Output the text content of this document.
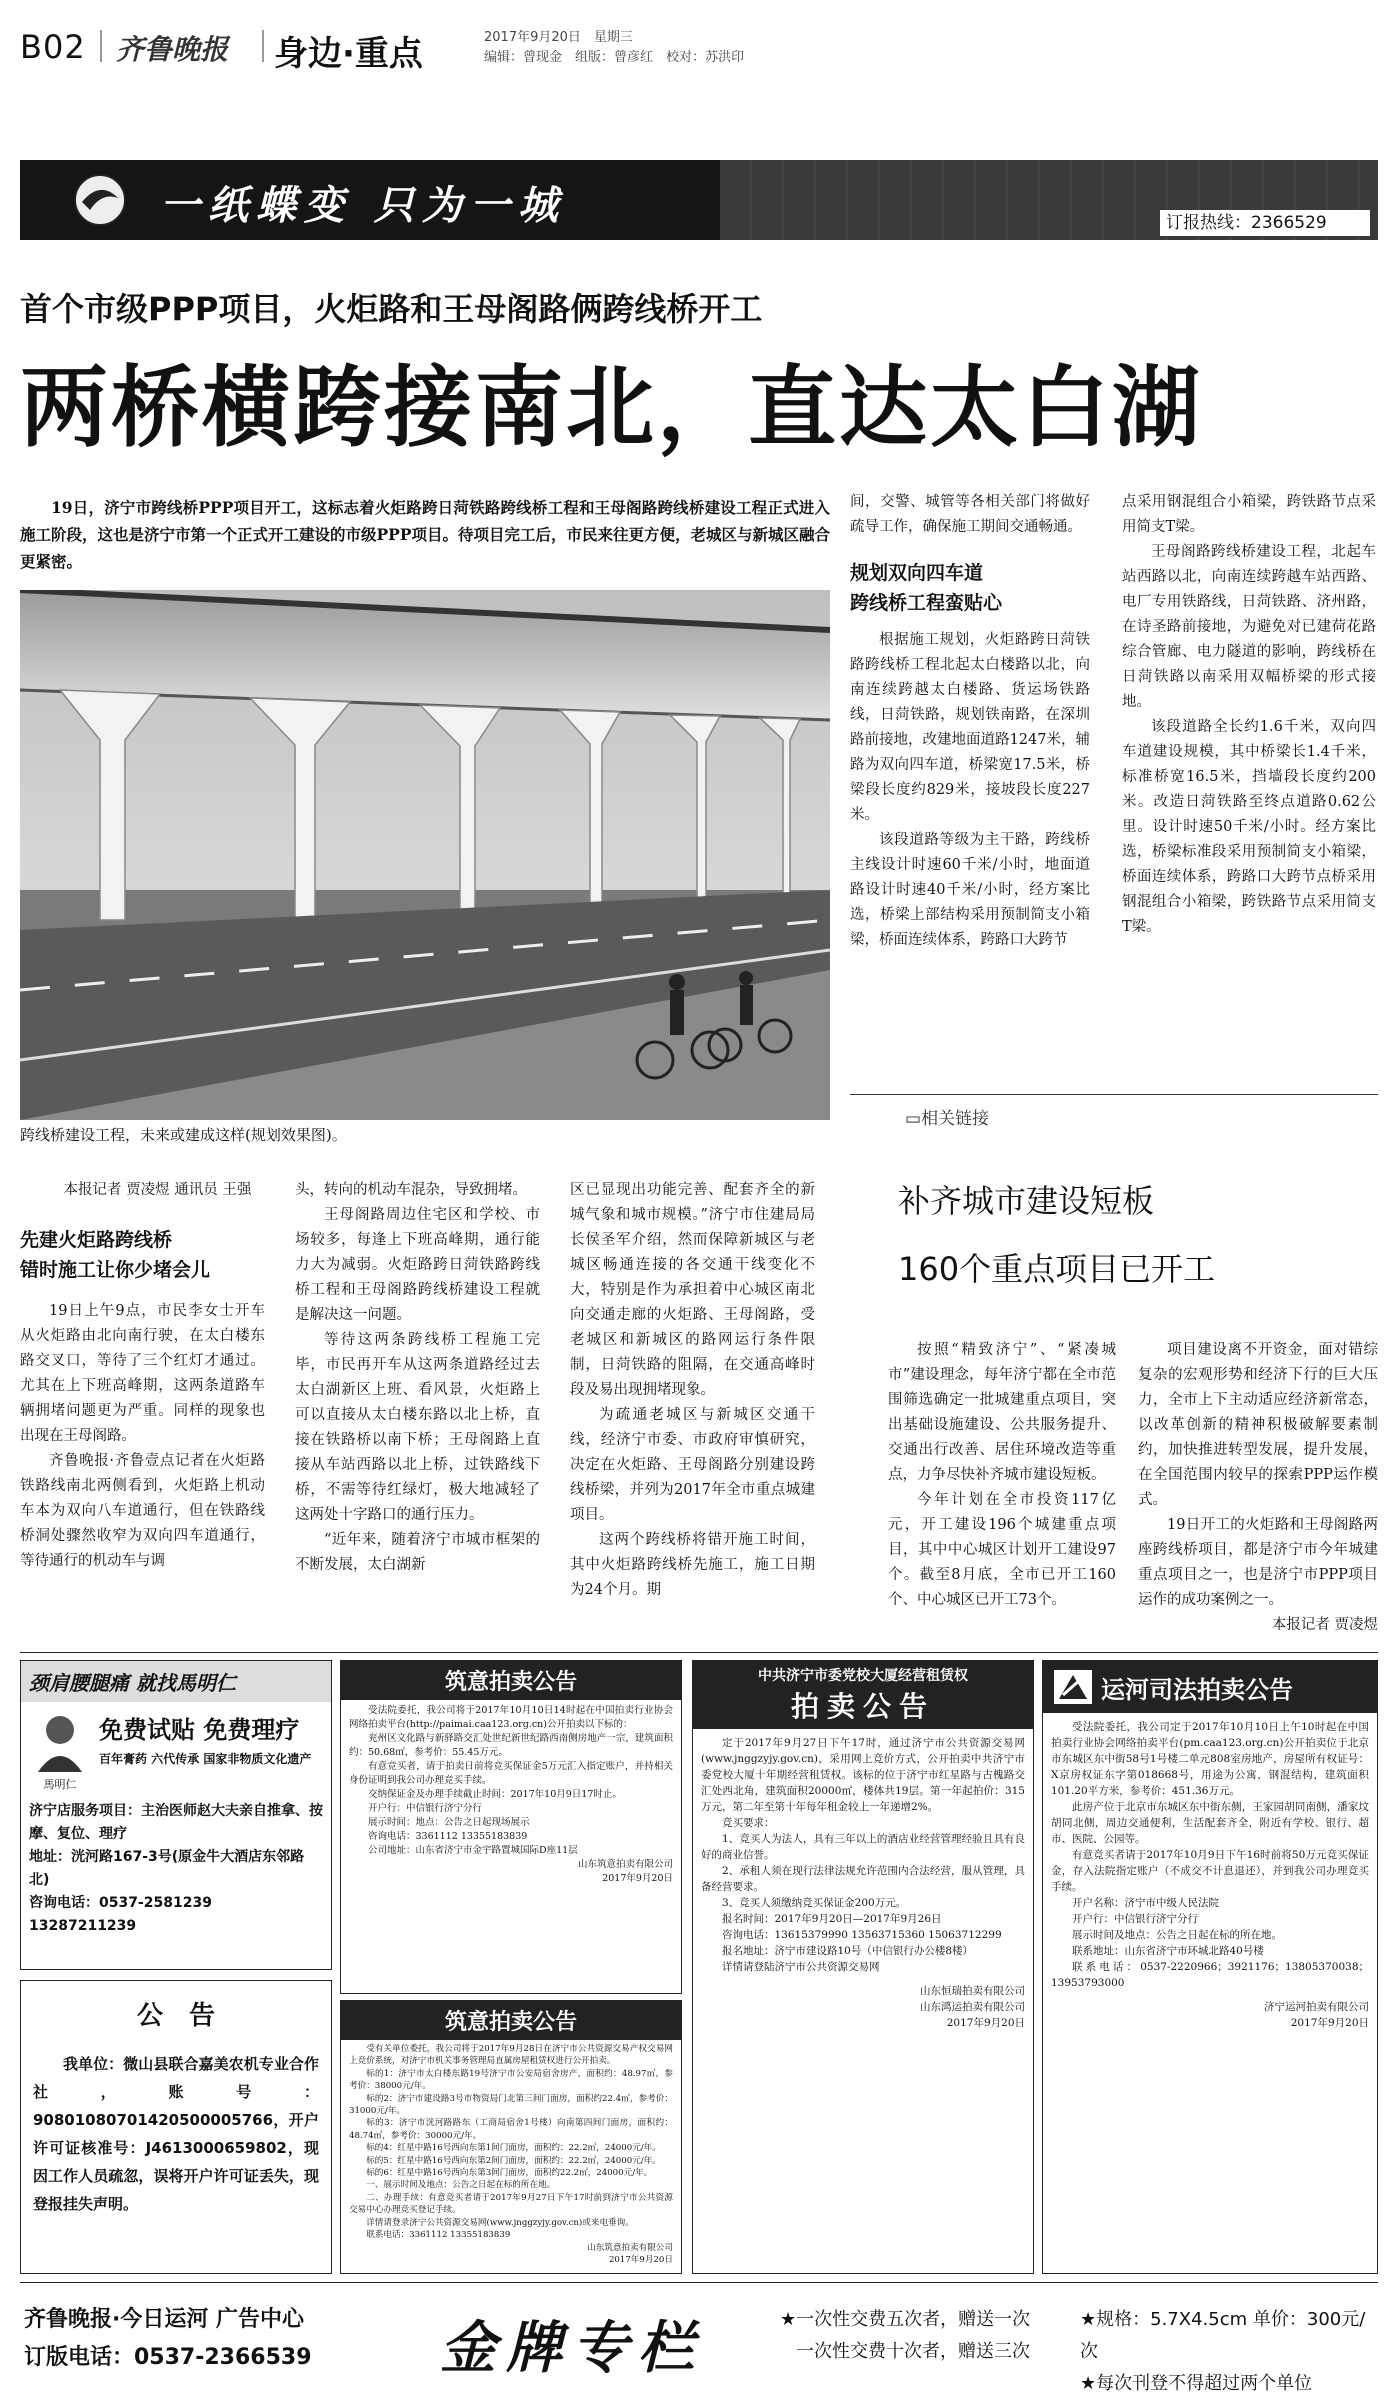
B02 齐鲁晚报 身边·重点	2017年9月20日　 星期三
编辑：曾现金　 组版：曾彦红　 校对：苏洪印
一纸蝶变 只为一城	订报热线：2366529
首个市级PPP项目，火炬路和王母阁路俩跨线桥开工
两桥横跨接南北，直达太白湖
19日，济宁市跨线桥PPP项目开工，这标志着火炬路跨日菏铁路跨线桥工程和王母阁路跨线桥建设工程正式进入施工阶段，这也是济宁市第一个正式开工建设的市级PPP项目。待项目完工后，市民来往更方便，老城区与新城区融合更紧密。
跨线桥建设工程，未来或建成这样(规划效果图)。
间，交警、城管等各相关部门将做好疏导工作，确保施工期间交通畅通。
规划双向四车道
跨线桥工程蛮贴心
根据施工规划，火炬路跨日菏铁路跨线桥工程北起太白楼路以北，向南连续跨越太白楼路、货运场铁路线，日菏铁路，规划铁南路，在深圳路前接地，改建地面道路1247米，辅路为双向四车道，桥梁宽17.5米，桥梁段长度约829米，接坡段长度227米。
该段道路等级为主干路，跨线桥主线设计时速60千米/小时，地面道路设计时速40千米/小时，经方案比选，桥梁上部结构采用预制简支小箱梁，桥面连续体系，跨路口大跨节
点采用钢混组合小箱梁，跨铁路节点采用简支T梁。
王母阁路跨线桥建设工程，北起车站西路以北，向南连续跨越车站西路、电厂专用铁路线，日菏铁路、济州路，在诗圣路前接地，为避免对已建荷花路综合管廊、电力隧道的影响，跨线桥在日菏铁路以南采用双幅桥梁的形式接地。
该段道路全长约1.6千米，双向四车道建设规模，其中桥梁长1.4千米，标准桥宽16.5米，挡墙段长度约200米。改造日菏铁路至终点道路0.62公里。设计时速50千米/小时。经方案比选，桥梁标准段采用预制简支小箱梁，桥面连续体系，跨路口大跨节点桥采用钢混组合小箱梁，跨铁路节点采用简支T梁。
本报记者 贾凌煜 通讯员 王强
先建火炬路跨线桥
错时施工让你少堵会儿
19日上午9点，市民李女士开车从火炬路由北向南行驶，在太白楼东路交叉口，等待了三个红灯才通过。尤其在上下班高峰期，这两条道路车辆拥堵问题更为严重。同样的现象也出现在王母阁路。
齐鲁晚报·齐鲁壹点记者在火炬路铁路线南北两侧看到，火炬路上机动车本为双向八车道通行，但在铁路线桥洞处骤然收窄为双向四车道通行，等待通行的机动车与调
头，转向的机动车混杂，导致拥堵。
王母阁路周边住宅区和学校、市场较多，每逢上下班高峰期，通行能力大为减弱。火炬路跨日菏铁路跨线桥工程和王母阁路跨线桥建设工程就是解决这一问题。
等待这两条跨线桥工程施工完毕，市民再开车从这两条道路经过去太白湖新区上班、看风景，火炬路上可以直接从太白楼东路以北上桥，直接在铁路桥以南下桥；王母阁路上直接从车站西路以北上桥，过铁路线下桥，不需等待红绿灯，极大地减轻了这两处十字路口的通行压力。
“近年来，随着济宁市城市框架的不断发展，太白湖新
区已显现出功能完善、配套齐全的新城气象和城市规模。”济宁市住建局局长侯圣军介绍，然而保障新城区与老城区畅通连接的各交通干线变化不大，特别是作为承担着中心城区南北向交通走廊的火炬路、王母阁路，受老城区和新城区的路网运行条件限制，日菏铁路的阻隔，在交通高峰时段及易出现拥堵现象。
为疏通老城区与新城区交通干线，经济宁市委、市政府审慎研究，决定在火炬路、王母阁路分别建设跨线桥梁，并列为2017年全市重点城建项目。
这两个跨线桥将错开施工时间，其中火炬路跨线桥先施工，施工日期为24个月。期
▭相关链接
补齐城市建设短板
160个重点项目已开工
按照“精致济宁”、“紧凑城市”建设理念，每年济宁都在全市范围筛选确定一批城建重点项目，突出基础设施建设、公共服务提升、交通出行改善、居住环境改造等重点，力争尽快补齐城市建设短板。
今年计划在全市投资117亿元，开工建设196个城建重点项目，其中中心城区计划开工建设97个。截至8月底，全市已开工160个、中心城区已开工73个。
项目建设离不开资金，面对错综复杂的宏观形势和经济下行的巨大压力，全市上下主动适应经济新常态，以改革创新的精神积极破解要素制约，加快推进转型发展，提升发展，在全国范围内较早的探索PPP运作模式。
19日开工的火炬路和王母阁路两座跨线桥项目，都是济宁市今年城建重点项目之一，也是济宁市PPP项目运作的成功案例之一。
本报记者 贾凌煜
颈肩腰腿痛 就找馬明仁
馬明仁
免费试贴 免费理疗
百年膏药 六代传承 国家非物质文化遗产
济宁店服务项目：主治医师赵大夫亲自推拿、按摩、复位、理疗
地址：洸河路167-3号(原金牛大酒店东邻路北)
咨询电话：0537-2581239 13287211239
公　告
我单位：微山县联合嘉美农机专业合作社，账号：90801080701420500005766，开户许可证核准号：J4613000659802，现因工作人员疏忽，误将开户许可证丢失，现登报挂失声明。
筑意拍卖公告

受法院委托，我公司将于2017年10月10日14时起在中国拍卖行业协会网络拍卖平台(http://paimai.caa123.org.cn)公开拍卖以下标的：

兖州区文化路与新驿路交汇处世纪新世纪路西南侧房地产一宗，建筑面积约：50.68㎡，参考价：55.45万元。

有意竞买者，请于拍卖日前将竞买保证金5万元汇入指定账户，并持相关身份证明到我公司办理竞买手续。

交纳保证金及办理手续截止时间：2017年10月9日17时止。

开户行：中信银行济宁分行

展示时间：地点：公告之日起现场展示

咨询电话：3361112 13355183839

公司地址：山东省济宁市金宇路置城国际D座11层

山东筑意拍卖有限公司
2017年9月20日

筑意拍卖公告

受有关单位委托，我公司将于2017年9月28日在济宁市公共资源交易产权交易网上竞价系统，对济宁市机关事务管理局直属房屋租赁权进行公开拍卖。

标的1：济宁市太白楼东路19号济宁市公安局宿舍房产，面积约：48.97㎡，参考价：38000元/年。

标的2：济宁市建设路3号市物资局门北第三间门面房，面积约22.4㎡，参考价：31000元/年。

标的3：济宁市洸河路路东（工商局宿舍1号楼）向南第四间门面房，面积约：48.74㎡，参考价：30000元/年。

标的4：红星中路16号西向东第1间门面房，面积约：22.2㎡，24000元/年。

标的5：红星中路16号西向东第2间门面房，面积约：22.2㎡，24000元/年。

标的6：红星中路16号西向东第3间门面房，面积约22.2㎡，24000元/年。

一、展示时间及地点：公告之日起在标的所在地。

二、办理手续：有意竞买者请于2017年9月27日下午17时前到济宁市公共资源交易中心办理竞买登记手续。

详情请登录济宁公共资源交易网(www.jnggzyjy.gov.cn)或来电垂询。

联系电话：3361112 13355183839

山东筑意拍卖有限公司
2017年9月20日

中共济宁市委党校大厦经营租赁权
拍卖公告

定于2017年9月27日下午17时，通过济宁市公共资源交易网(www.jnggzyjy.gov.cn)，采用网上竞价方式，公开拍卖中共济宁市委党校大厦十年期经营租赁权。该标的位于济宁市红星路与古槐路交汇处西北角，建筑面积20000㎡，楼体共19层。第一年起拍价：315万元，第二年至第十年每年租金较上一年递增2%。

竞买要求：

1、竞买人为法人，具有三年以上的酒店业经营管理经验且具有良好的商业信誉。

2、承租人须在现行法律法规允许范围内合法经营，服从管理，具备经营要求。

3、竞买人须缴纳竞买保证金200万元。

报名时间：2017年9月20日—2017年9月26日

咨询电话：13615379990 13563715360 15063712299

报名地址：济宁市建设路10号（中信银行办公楼8楼）

详情请登陆济宁市公共资源交易网

山东恒瑞拍卖有限公司
山东鸿运拍卖有限公司
2017年9月20日

运河司法拍卖公告

受法院委托，我公司定于2017年10月10日上午10时起在中国拍卖行业协会网络拍卖平台(pm.caa123.org.cn)公开拍卖位于北京市东城区东中街58号1号楼二单元808室房地产，房屋所有权证号：X京房权证东字第018668号，用途为公寓，钢混结构，建筑面积101.20平方米，参考价：451.36万元。

此房产位于北京市东城区东中街东侧，王家园胡同南侧，潘家坟胡同北侧，周边交通便利，生活配套齐全，附近有学校、银行、超市、医院、公园等。

有意竞买者请于2017年10月9日下午16时前将50万元竞买保证金，存入法院指定账户（不成交不计息退还），并到我公司办理竞买手续。

开户名称：济宁市中级人民法院

开户行：中信银行济宁分行

展示时间及地点：公告之日起在标的所在地。

联系地址：山东省济宁市环城北路40号楼

联系电话：0537-2220966；3921176；13805370038；13953793000

济宁运河拍卖有限公司
2017年9月20日

齐鲁晚报·今日运河 广告中心
订版电话：0537-2366539 金牌专栏	★一次性交费五次者，赠送一次
一次性交费十次者，赠送三次
★规格：5.7X4.5cm 单价：300元/次
★每次刊登不得超过两个单位
